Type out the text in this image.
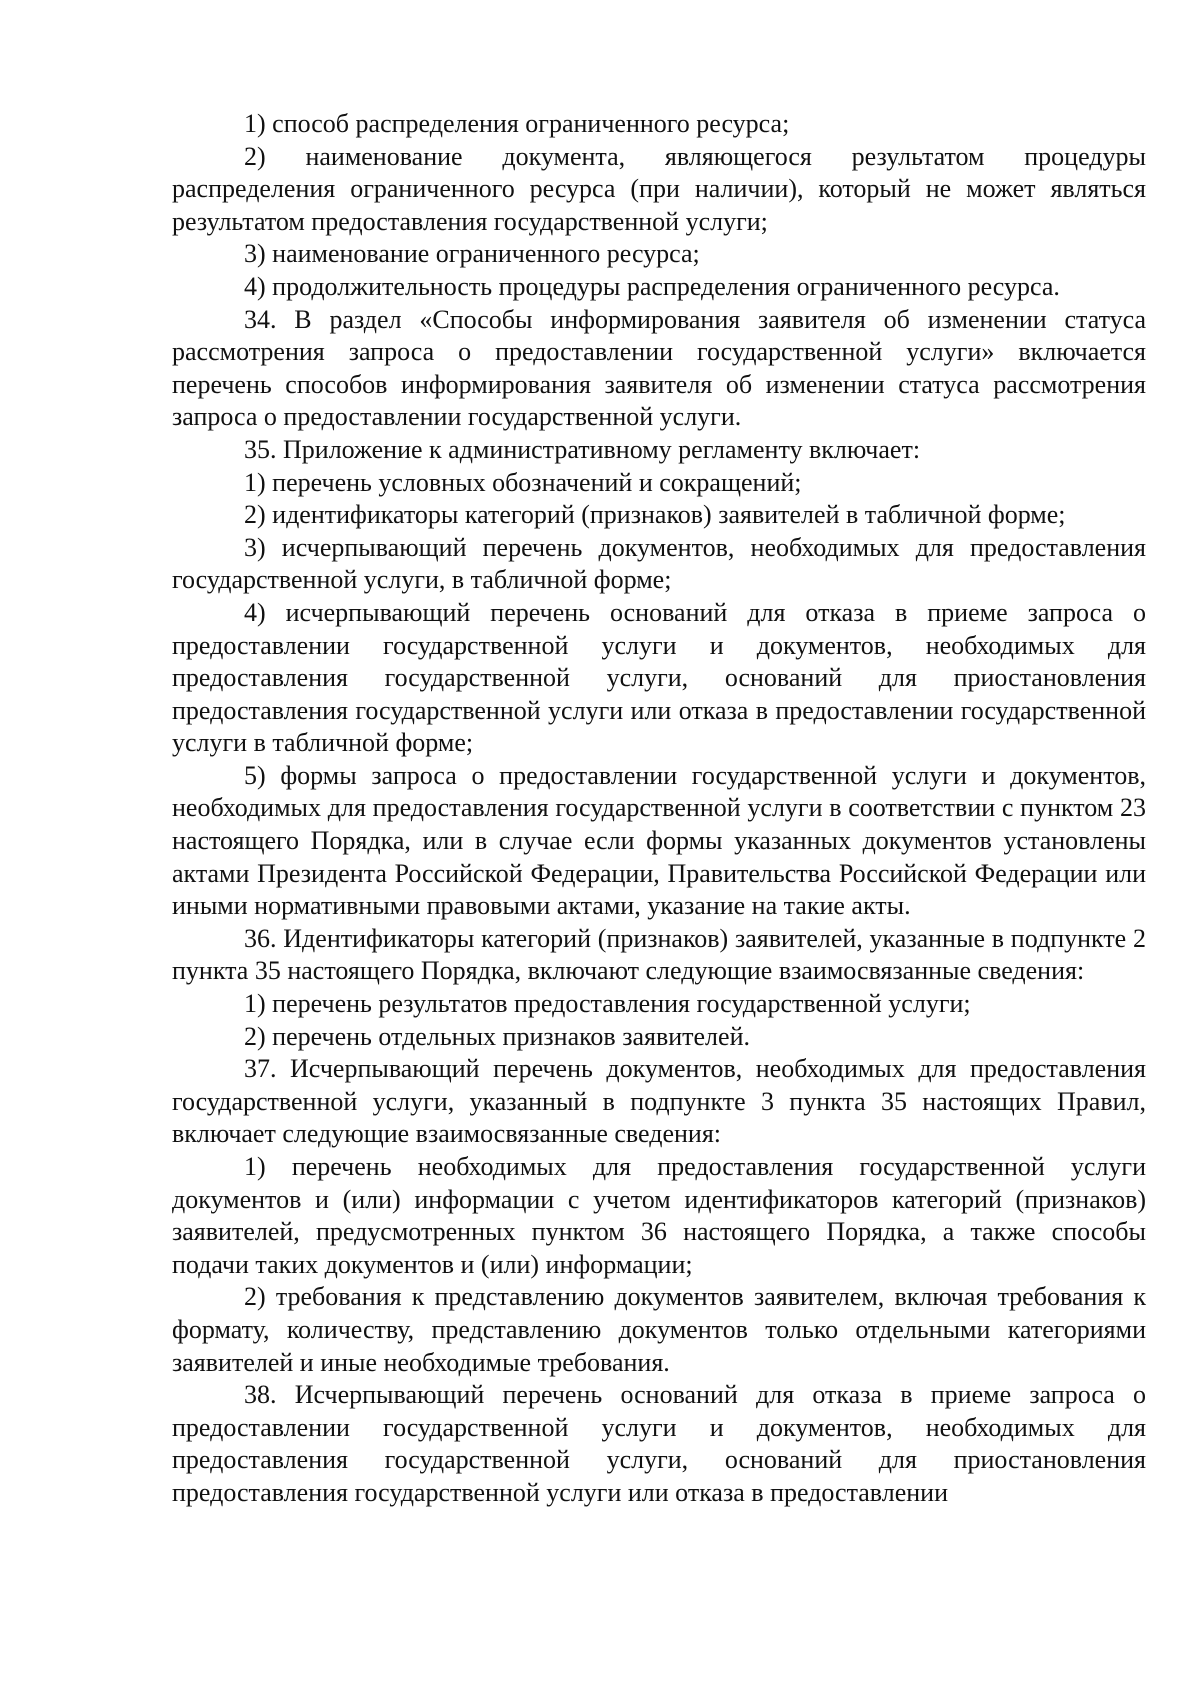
1) способ распределения ограниченного ресурса;

2) наименование документа, являющегося результатом процедуры распределения ограниченного ресурса (при наличии), который не может являться результатом предоставления государственной услуги;

3) наименование ограниченного ресурса;

4) продолжительность процедуры распределения ограниченного ресурса.

34. В раздел «Способы информирования заявителя об изменении статуса рассмотрения запроса о предоставлении государственной услуги» включается перечень способов информирования заявителя об изменении статуса рассмотрения запроса о предоставлении государственной услуги.

35. Приложение к административному регламенту включает:

1) перечень условных обозначений и сокращений;

2) идентификаторы категорий (признаков) заявителей в табличной форме;

3) исчерпывающий перечень документов, необходимых для предоставления государственной услуги, в табличной форме;

4) исчерпывающий перечень оснований для отказа в приеме запроса о предоставлении государственной услуги и документов, необходимых для предоставления государственной услуги, оснований для приостановления предоставления государственной услуги или отказа в предоставлении государственной услуги в табличной форме;

5) формы запроса о предоставлении государственной услуги и документов, необходимых для предоставления государственной услуги в соответствии с пунктом 23 настоящего Порядка, или в случае если формы указанных документов установлены актами Президента Российской Федерации, Правительства Российской Федерации или иными нормативными правовыми актами, указание на такие акты.

36. Идентификаторы категорий (признаков) заявителей, указанные в подпункте 2 пункта 35 настоящего Порядка, включают следующие взаимосвязанные сведения:

1) перечень результатов предоставления государственной услуги;

2) перечень отдельных признаков заявителей.

37. Исчерпывающий перечень документов, необходимых для предоставления государственной услуги, указанный в подпункте 3 пункта 35 настоящих Правил, включает следующие взаимосвязанные сведения:

1) перечень необходимых для предоставления государственной услуги документов и (или) информации с учетом идентификаторов категорий (признаков) заявителей, предусмотренных пунктом 36 настоящего Порядка, а также способы подачи таких документов и (или) информации;

2) требования к представлению документов заявителем, включая требования к формату, количеству, представлению документов только отдельными категориями заявителей и иные необходимые требования.

38. Исчерпывающий перечень оснований для отказа в приеме запроса о предоставлении государственной услуги и документов, необходимых для предоставления государственной услуги, оснований для приостановления предоставления государственной услуги или отказа в предоставлении
